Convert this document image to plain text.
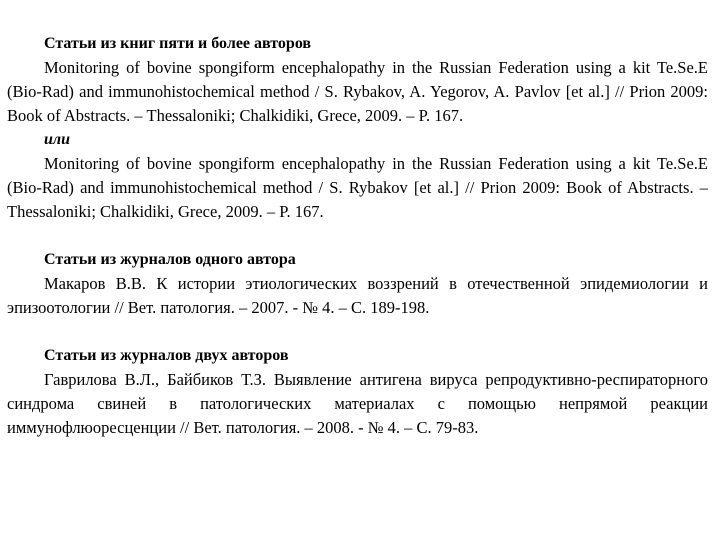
Статьи из книг пяти и более авторов

Monitoring of bovine spongiform encephalopathy in the Russian Federation using a kit Te.Se.E (Bio-Rad) and immunohistochemical method / S. Rybakov, A. Yegorov, A. Pavlov [et al.] // Prion 2009: Book of Abstracts. – Thessaloniki; Chalkidiki, Grece, 2009. – P. 167.

или

Monitoring of bovine spongiform encephalopathy in the Russian Federation using a kit Te.Se.E (Bio-Rad) and immunohistochemical method / S. Rybakov [et al.] // Prion 2009: Book of Abstracts. – Thessaloniki; Chalkidiki, Grece, 2009. – P. 167.

Статьи из журналов одного автора

Макаров В.В. К истории этиологических воззрений в отечественной эпидемиологии и эпизоотологии // Вет. патология. – 2007. - № 4. – С. 189-198.

Статьи из журналов двух авторов

Гаврилова В.Л., Байбиков Т.З. Выявление антигена вируса репродуктивно-респираторного синдрома свиней в патологических материалах с помощью непрямой реакции иммунофлюоресценции // Вет. патология. – 2008. - № 4. – С. 79-83.
